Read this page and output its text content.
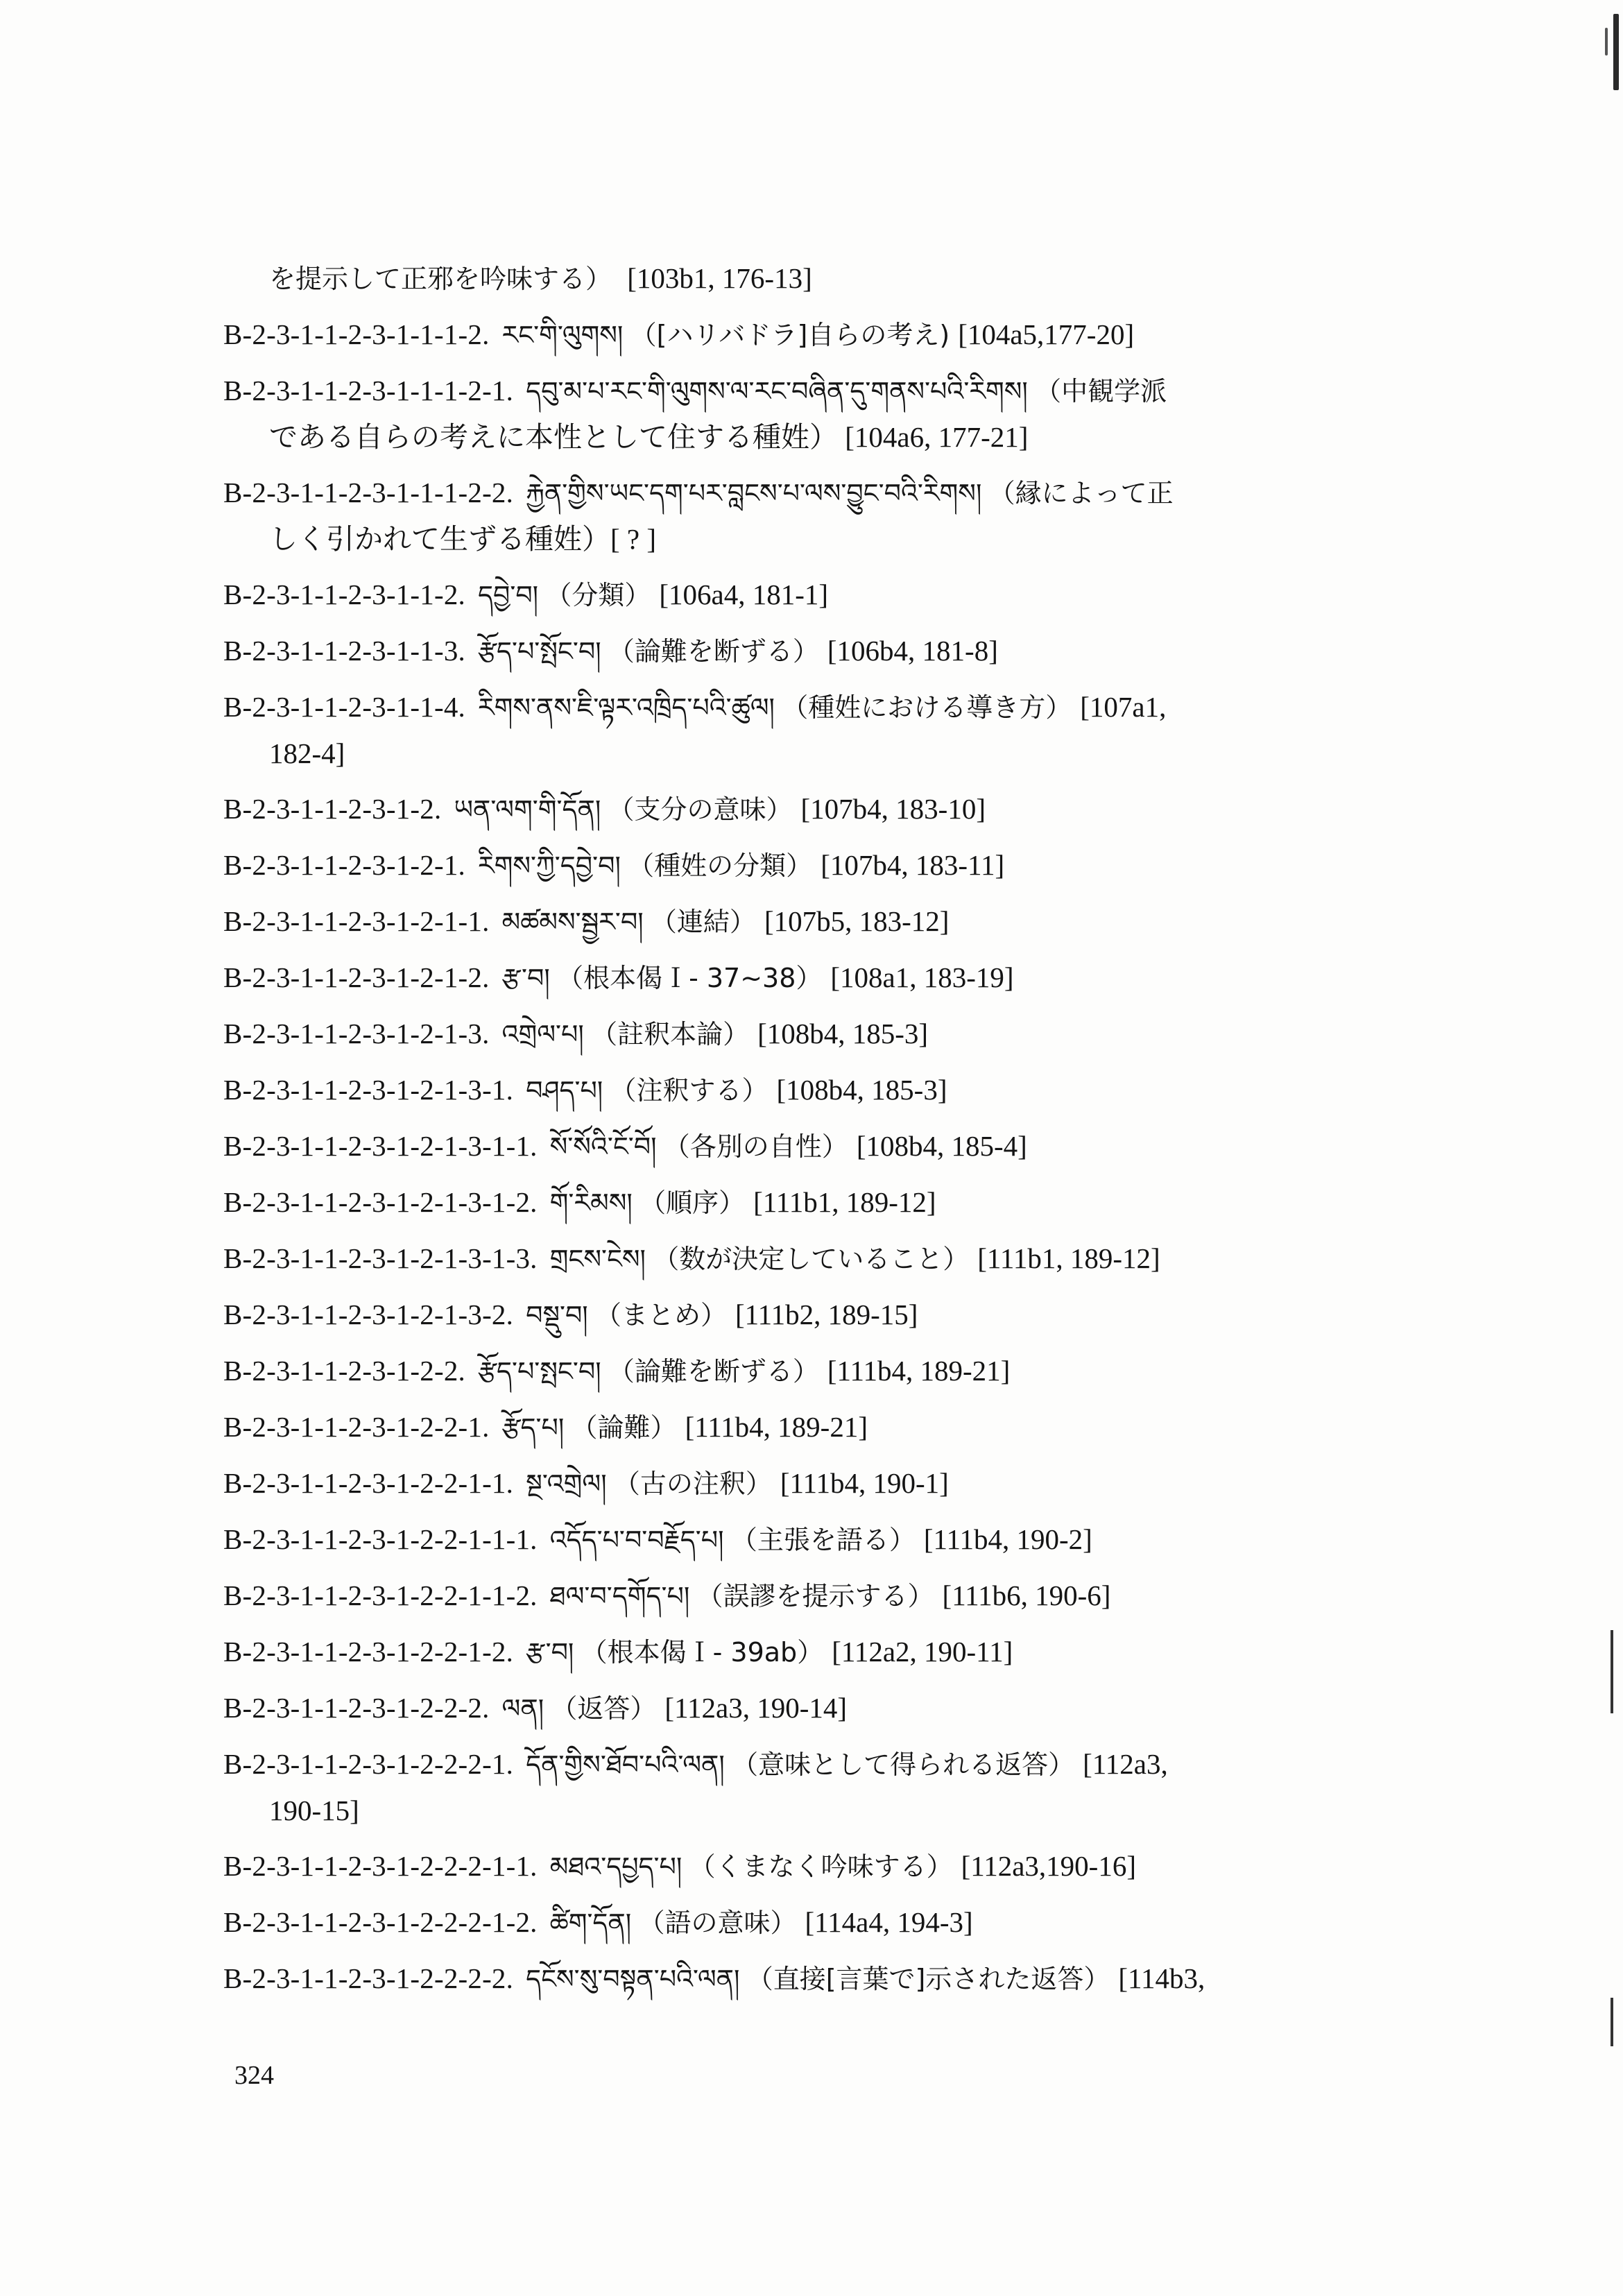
を提示して正邪を吟味する） [103b1, 176-13]
B-2-3-1-1-2-3-1-1-1-2. རང་གི་ལུགས། （[ハリバドラ]自らの考え) [104a5,177-20]
B-2-3-1-1-2-3-1-1-1-2-1. དབུ་མ་པ་རང་གི་ལུགས་ལ་རང་བཞིན་དུ་གནས་པའི་རིགས། （中観学派
である自らの考えに本性として住する種姓） [104a6, 177-21]
B-2-3-1-1-2-3-1-1-1-2-2. རྐྱེན་གྱིས་ཡང་དག་པར་བླངས་པ་ལས་བྱུང་བའི་རིགས། （縁によって正
しく引かれて生ずる種姓）[ ? ]
B-2-3-1-1-2-3-1-1-2. དབྱེ་བ། （分類） [106a4, 181-1]
B-2-3-1-1-2-3-1-1-3. རྩོད་པ་སྤོང་བ། （論難を断ずる） [106b4, 181-8]
B-2-3-1-1-2-3-1-1-4. རིགས་ནས་ཇི་ལྟར་འཁྲིད་པའི་ཚུལ། （種姓における導き方） [107a1,
182-4]
B-2-3-1-1-2-3-1-2. ཡན་ལག་གི་དོན། （支分の意味） [107b4, 183-10]
B-2-3-1-1-2-3-1-2-1. རིགས་ཀྱི་དབྱེ་བ། （種姓の分類） [107b4, 183-11]
B-2-3-1-1-2-3-1-2-1-1. མཚམས་སྦྱར་བ། （連結） [107b5, 183-12]
B-2-3-1-1-2-3-1-2-1-2. རྩ་བ། （根本偈Ｉ- 37~38） [108a1, 183-19]
B-2-3-1-1-2-3-1-2-1-3. འགྲེལ་པ། （註釈本論） [108b4, 185-3]
B-2-3-1-1-2-3-1-2-1-3-1. བཤད་པ། （注釈する） [108b4, 185-3]
B-2-3-1-1-2-3-1-2-1-3-1-1. སོ་སོའི་ངོ་བོ། （各別の自性） [108b4, 185-4]
B-2-3-1-1-2-3-1-2-1-3-1-2. གོ་རིམས། （順序） [111b1, 189-12]
B-2-3-1-1-2-3-1-2-1-3-1-3. གྲངས་ངེས། （数が決定していること） [111b1, 189-12]
B-2-3-1-1-2-3-1-2-1-3-2. བསྡུ་བ། （まとめ） [111b2, 189-15]
B-2-3-1-1-2-3-1-2-2. རྩོད་པ་སྤང་བ། （論難を断ずる） [111b4, 189-21]
B-2-3-1-1-2-3-1-2-2-1. རྩོད་པ། （論難） [111b4, 189-21]
B-2-3-1-1-2-3-1-2-2-1-1. སྔ་འགྲེལ། （古の注釈） [111b4, 190-1]
B-2-3-1-1-2-3-1-2-2-1-1-1. འདོད་པ་བ་བརྗོད་པ། （主張を語る） [111b4, 190-2]
B-2-3-1-1-2-3-1-2-2-1-1-2. ཐལ་བ་དགོད་པ། （誤謬を提示する） [111b6, 190-6]
B-2-3-1-1-2-3-1-2-2-1-2. རྩ་བ། （根本偈Ｉ- 39ab） [112a2, 190-11]
B-2-3-1-1-2-3-1-2-2-2. ལན། （返答） [112a3, 190-14]
B-2-3-1-1-2-3-1-2-2-2-1. དོན་གྱིས་ཐོབ་པའི་ལན། （意味として得られる返答） [112a3,
190-15]
B-2-3-1-1-2-3-1-2-2-2-1-1. མཐའ་དཔྱད་པ། （くまなく吟味する） [112a3,190-16]
B-2-3-1-1-2-3-1-2-2-2-1-2. ཚིག་དོན། （語の意味） [114a4, 194-3]
B-2-3-1-1-2-3-1-2-2-2-2. དངོས་སུ་བསྟན་པའི་ལན། （直接[言葉で]示された返答） [114b3,
324
